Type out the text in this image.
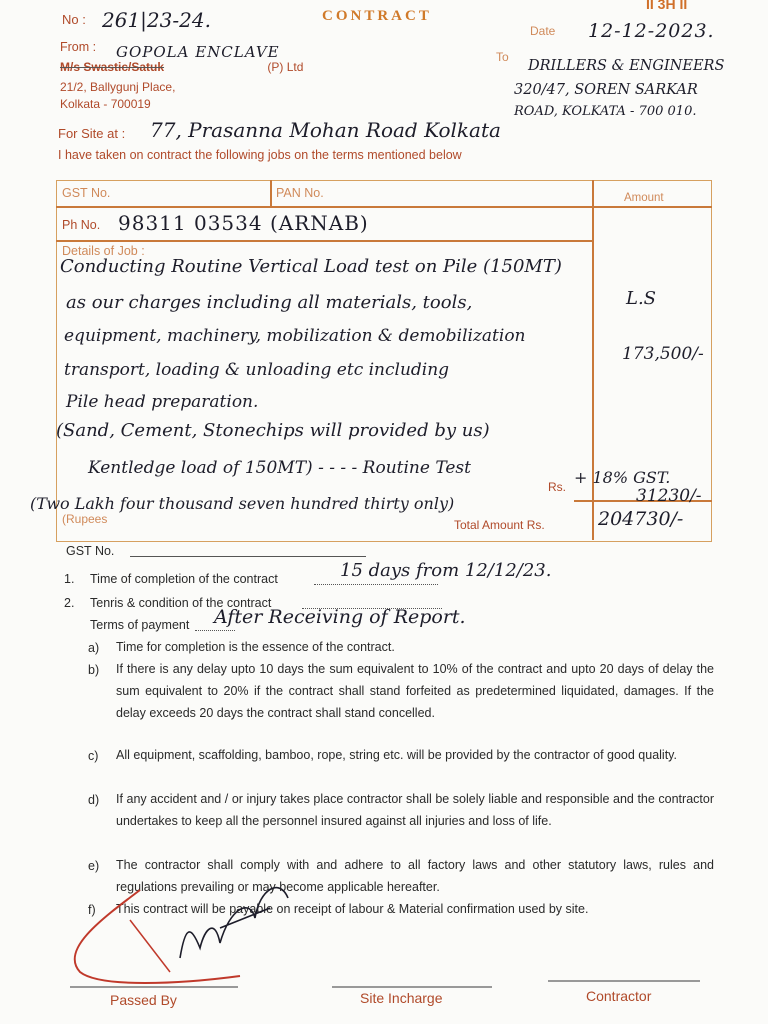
No : 261|23-24.	CONTRACT
II 3H II
Date 12-12-2023.
From : GOPOLA ENCLAVE
M/s Swastic/Satuk	(P) Ltd
21/2, Ballygunj Place,
Kolkata - 700019
To
DRILLERS & ENGINEERS
320/47, SOREN SARKAR
ROAD, KOLKATA - 700 010.
For Site at : 77, Prasanna Mohan Road Kolkata
I have taken on contract the following jobs on the terms mentioned below
GST No.	PAN No.	Amount
Ph No. 98311 03534 (ARNAB)
Details of Job :
Conducting Routine Vertical Load test on Pile (150MT)
as our charges including all materials, tools,
equipment, machinery, mobilization & demobilization
transport, loading & unloading etc including
Pile head preparation.
(Sand, Cement, Stonechips will provided by us)
Kentledge load of 150MT) - - - - Routine Test
L.S
173,500/-
Rs. + 18% GST.
31230/-
(Two Lakh four thousand seven hundred thirty only)
(Rupees	Total Amount Rs.	204730/-
GST No.
1. Time of completion of the contract	15 days from 12/12/23.
2. Tenris & condition of the contract
Terms of payment After Receiving of Report.
a) Time for completion is the essence of the contract.
b) If there is any delay upto 10 days the sum equivalent to 10% of the contract and upto 20 days of delay the sum equivalent to 20% if the contract shall stand forfeited as predetermined liquidated, damages. If the delay exceeds 20 days the contract shall stand concelled.
c) All equipment, scaffolding, bamboo, rope, string etc. will be provided by the contractor of good quality.
d) If any accident and / or injury takes place contractor shall be solely liable and responsible and the contractor undertakes to keep all the personnel insured against all injuries and loss of life.
e) The contractor shall comply with and adhere to all factory laws and other statutory laws, rules and regulations prevailing or may become applicable hereafter.
f) This contract will be payable on receipt of labour & Material confirmation used by site.
Passed By	Site Incharge	Contractor
